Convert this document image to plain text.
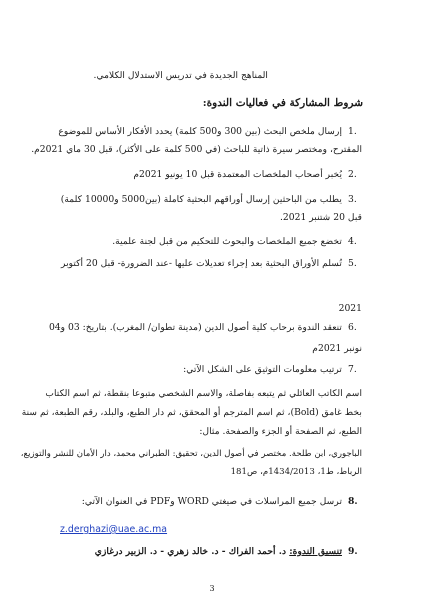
المناهج الجديدة في تدريس الاستدلال الكلامي.
شروط المشاركة في فعاليات الندوة:
إرسال ملخص البحث (بين 300 و500 كلمة) يحدد الأفكار الأساس للموضوع 1.
المقترح، ومختصر سيرة ذاتية للباحث (في 500 كلمة على الأكثر)، قبل 30 ماي 2021م.
يُخبر أصحاب الملخصات المعتمدة قبل 10 يونيو 2021م 2.
يطلب من الباحثين إرسال أوراقهم البحثية كاملة (بين5000 و10000 كلمة) 3.
قبل 20 شتنبر 2021.
تخضع جميع الملخصات والبحوث للتحكيم من قبل لجنة علمية. 4.
تُسلم الأوراق البحثية بعد إجراء تعديلات عليها -عند الضرورة- قبل 20 أكتوبر 5.
2021
تنعقد الندوة برحاب كلية أصول الدين (مدينة تطوان/ المغرب). بتاريخ: 03 و04 6.
نونبر 2021م
ترتيب معلومات التوثيق على الشكل الآتي: 7.
اسم الكاتب العائلي ثم يتبعه بفاصلة، والاسم الشخصي متبوعا بنقطة، ثم اسم الكتاب
بخط غامق (Bold)، ثم اسم المترجم أو المحقق، ثم دار الطبع، والبلد، رقم الطبعة، ثم سنة
الطبع، ثم الصفحة أو الجزء والصفحة. مثال:
الباجوري، ابن طلحة. مختصر في أصول الدين، تحقيق: الطبراني محمد، دار الأمان للنشر والتوزيع،
الرباط، ط1، 1434/2013م، ص181
ترسل جميع المراسلات في صيغتي WORD وPDF في العنوان الآتي: 8.
z.derghazi@uae.ac.ma
تنسيق الندوة: د. أحمد الفراك - د. خالد زهري - د. الزبير درغازي	9.
3
